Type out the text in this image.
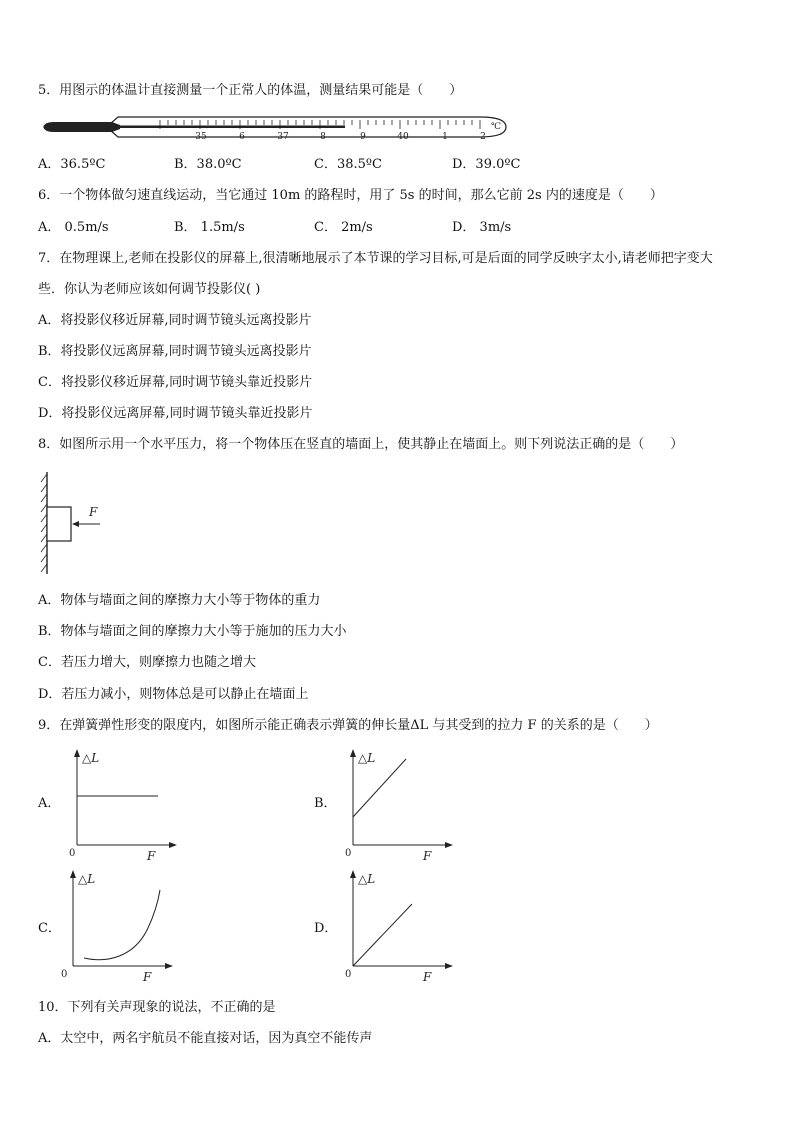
5．用图示的体温计直接测量一个正常人的体温，测量结果可能是（　　）
35	6	37	8	9	40	1	2
℃
A．36.5ºC	B．38.0ºC	C．38.5ºC	D．39.0ºC
6．一个物体做匀速直线运动，当它通过 10m 的路程时，用了 5s 的时间，那么它前 2s 内的速度是（　　）
A． 0.5m/s	B． 1.5m/s	C． 2m/s	D． 3m/s
7．在物理课上,老师在投影仪的屏幕上,很清晰地展示了本节课的学习目标,可是后面的同学反映字太小,请老师把字变大
些．你认为老师应该如何调节投影仪( )
A．将投影仪移近屏幕,同时调节镜头远离投影片
B．将投影仪远离屏幕,同时调节镜头远离投影片
C．将投影仪移近屏幕,同时调节镜头靠近投影片
D．将投影仪远离屏幕,同时调节镜头靠近投影片
8．如图所示用一个水平压力，将一个物体压在竖直的墙面上，使其静止在墙面上。则下列说法正确的是（　　）
F
A．物体与墙面之间的摩擦力大小等于物体的重力
B．物体与墙面之间的摩擦力大小等于施加的压力大小
C．若压力增大，则摩擦力也随之增大
D．若压力减小，则物体总是可以静止在墙面上
9．在弹簧弹性形变的限度内，如图所示能正确表示弹簧的伸长量ΔL 与其受到的拉力 F 的关系的是（　　）
A．
△L
F
0
B．
△L
F
0
C．
△L
F
0
D．
△L
F
0
10．下列有关声现象的说法，不正确的是
A．太空中，两名宇航员不能直接对话，因为真空不能传声
